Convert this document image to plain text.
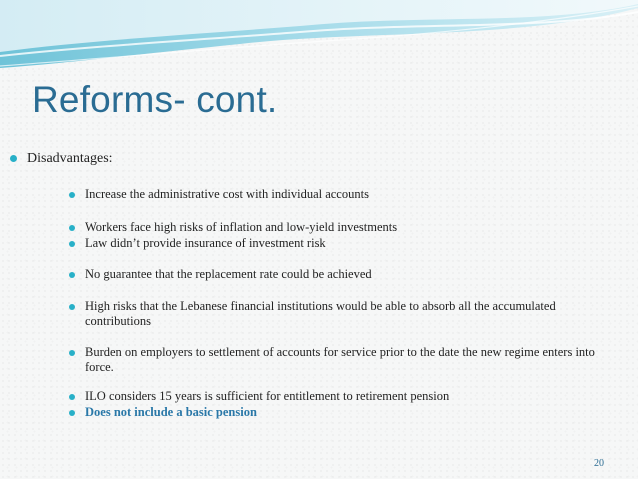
Reforms- cont.
Disadvantages:
Increase the administrative cost with individual accounts
Workers face high risks of inflation and low-yield investments
Law didn’t provide insurance of investment risk
No guarantee that the replacement rate could be achieved
High risks that the Lebanese financial institutions would be able to absorb all the accumulated contributions
Burden on employers to settlement of accounts for service prior to the date the new regime enters into force.
ILO considers 15 years is sufficient for entitlement to retirement pension
Does not include a basic pension
20
